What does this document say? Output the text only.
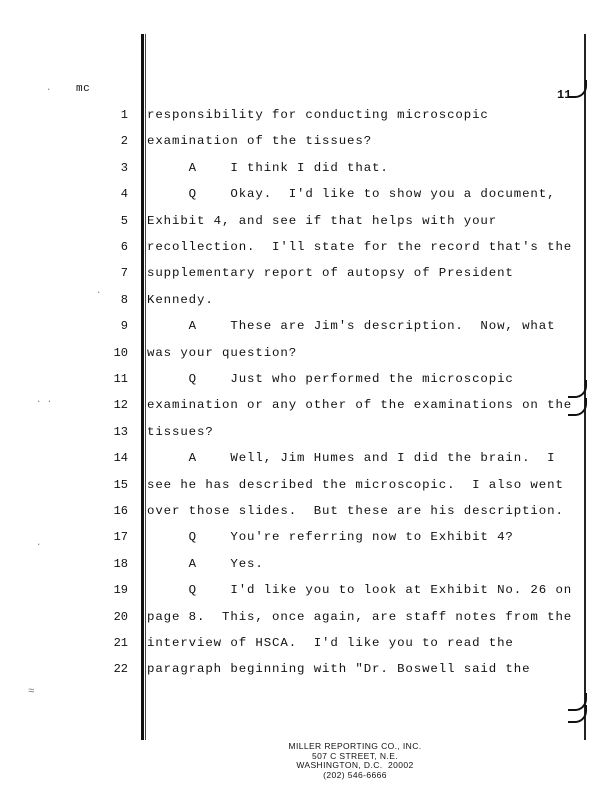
mc	11
·
·
· ·
·
≈
1 responsibility for conducting microscopic
2 examination of the tissues?
3 A    I think I did that.
4 Q    Okay.  I'd like to show you a document,
5 Exhibit 4, and see if that helps with your
6 recollection.  I'll state for the record that's the
7 supplementary report of autopsy of President
8 Kennedy.
9 A    These are Jim's description.  Now, what
10 was your question?
11 Q    Just who performed the microscopic
12 examination or any other of the examinations on the
13 tissues?
14 A    Well, Jim Humes and I did the brain.  I
15 see he has described the microscopic.  I also went
16 over those slides.  But these are his description.
17 Q    You're referring now to Exhibit 4?
18 A    Yes.
19 Q    I'd like you to look at Exhibit No. 26 on
20 page 8.  This, once again, are staff notes from the
21 interview of HSCA.  I'd like you to read the
22 paragraph beginning with "Dr. Boswell said the
MILLER REPORTING CO., INC.
507 C STREET, N.E.
WASHINGTON, D.C.  20002
(202) 546-6666
